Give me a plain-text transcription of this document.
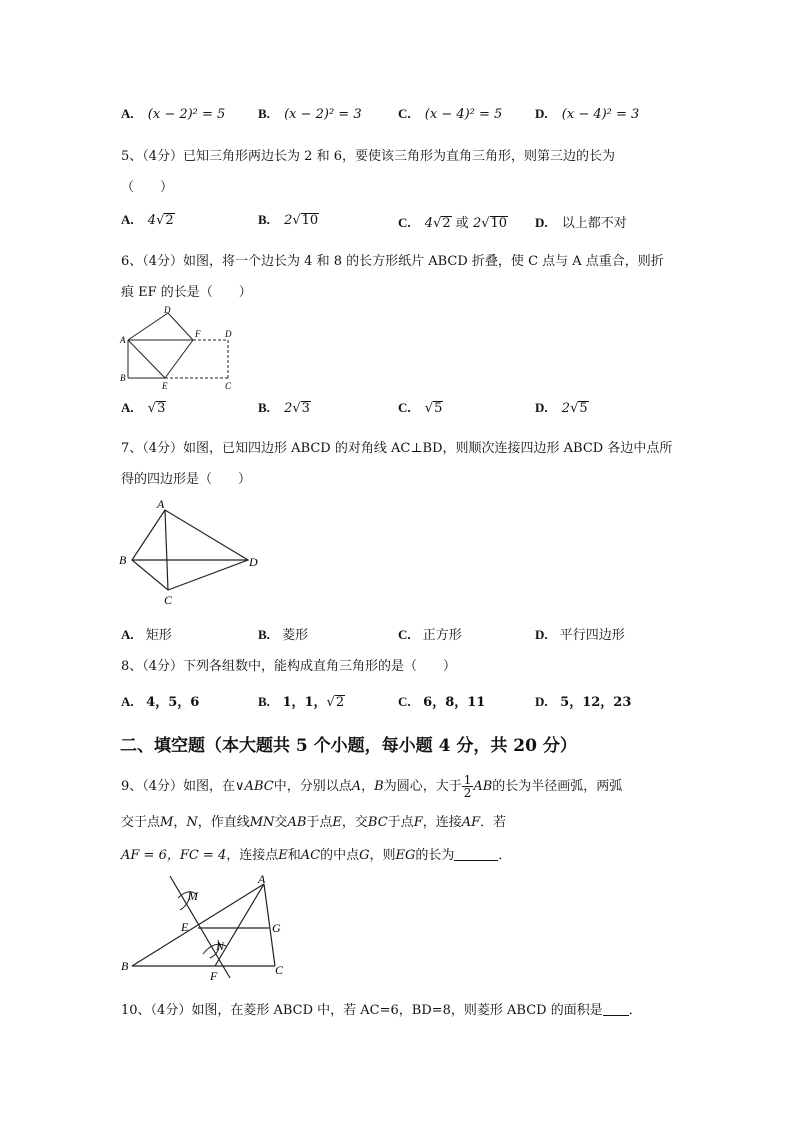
A. (x − 2)² = 5	B. (x − 2)² = 3	C. (x − 4)² = 5	D. (x − 4)² = 3
5、（4分）已知三角形两边长为 2 和 6，要使该三角形为直角三角形，则第三边的长为
（　　）
A. 4√2	B. 2√10	C. 4√2 或 2√10 D. 以上都不对
6、（4分）如图，将一个边长为 4 和 8 的长方形纸片 ABCD 折叠，使 C 点与 A 点重合，则折
痕 EF 的长是（　　）
A
B
D
F	D
E	C
A. √3	B. 2√3	C. √5	D. 2√5
7、（4分）如图，已知四边形 ABCD 的对角线 AC⊥BD，则顺次连接四边形 ABCD 各边中点所
得的四边形是（　　）
A
B
C
D
A. 矩形	B. 菱形	C. 正方形	D. 平行四边形
8、（4分）下列各组数中，能构成直角三角形的是（　　）
A. 4，5，6	B. 1，1，√2	C. 6，8，11	D. 5，12，23
二、填空题（本大题共 5 个小题，每小题 4 分，共 20 分）
9、（4分）如图，在∨ABC中，分别以点A，B为圆心，大于 $\frac{1}{2}$ AB的长为半径画弧，两弧
交于点M，N，作直线MN交AB于点E，交BC于点F，连接AF．若
AF = 6，FC = 4，连接点E和AC的中点G，则EG的长为	．
A
B	C
E
F
G
M
N
10、（4分）如图，在菱形 ABCD 中，若 AC=6，BD=8，则菱形 ABCD 的面积是 ．
